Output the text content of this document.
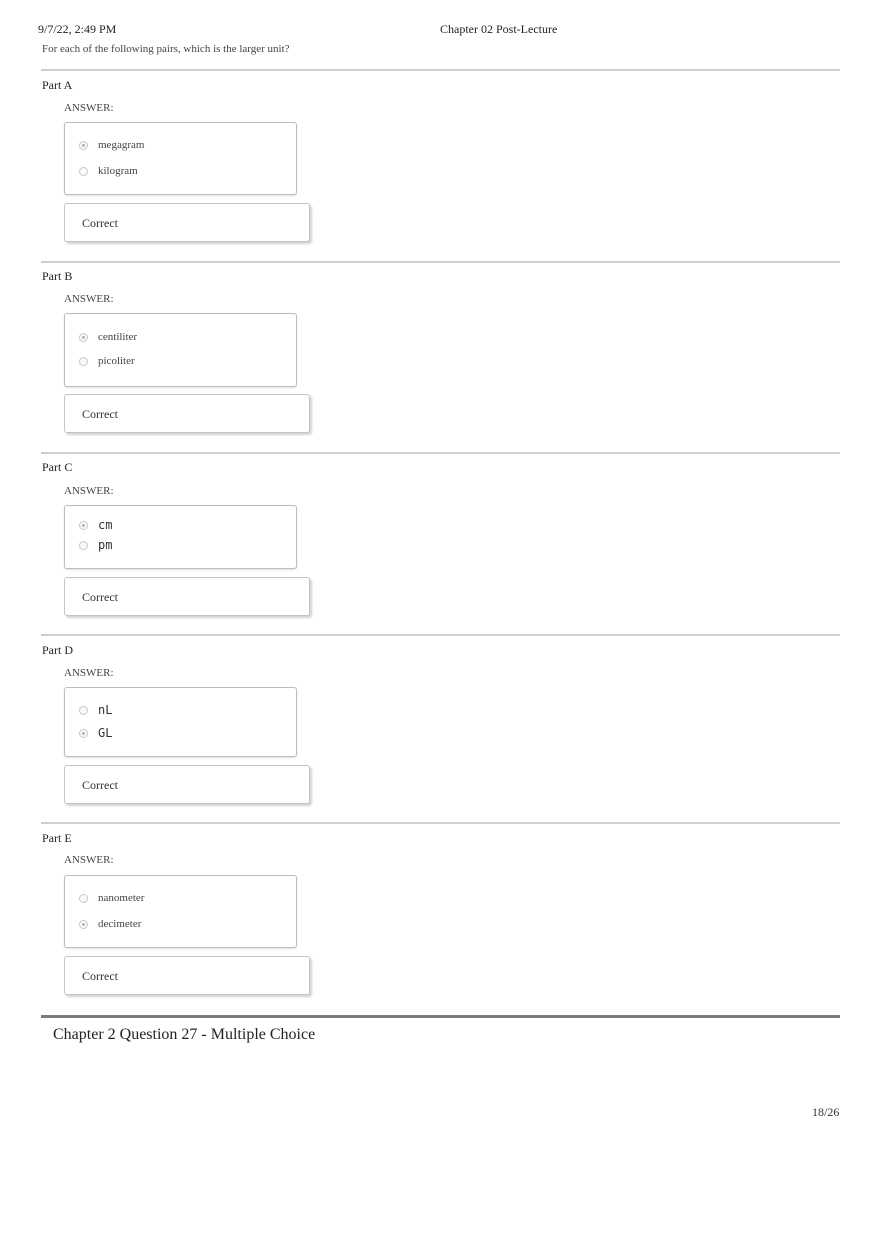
9/7/22, 2:49 PM	Chapter 02 Post-Lecture
For each of the following pairs, which is the larger unit?
Part A
ANSWER:
megagram
kilogram
Correct
Part B
ANSWER:
centiliter
picoliter
Correct
Part C
ANSWER:
cm
pm
Correct
Part D
ANSWER:
nL
GL
Correct
Part E
ANSWER:
nanometer
decimeter
Correct
Chapter 2 Question 27 - Multiple Choice
18/26
